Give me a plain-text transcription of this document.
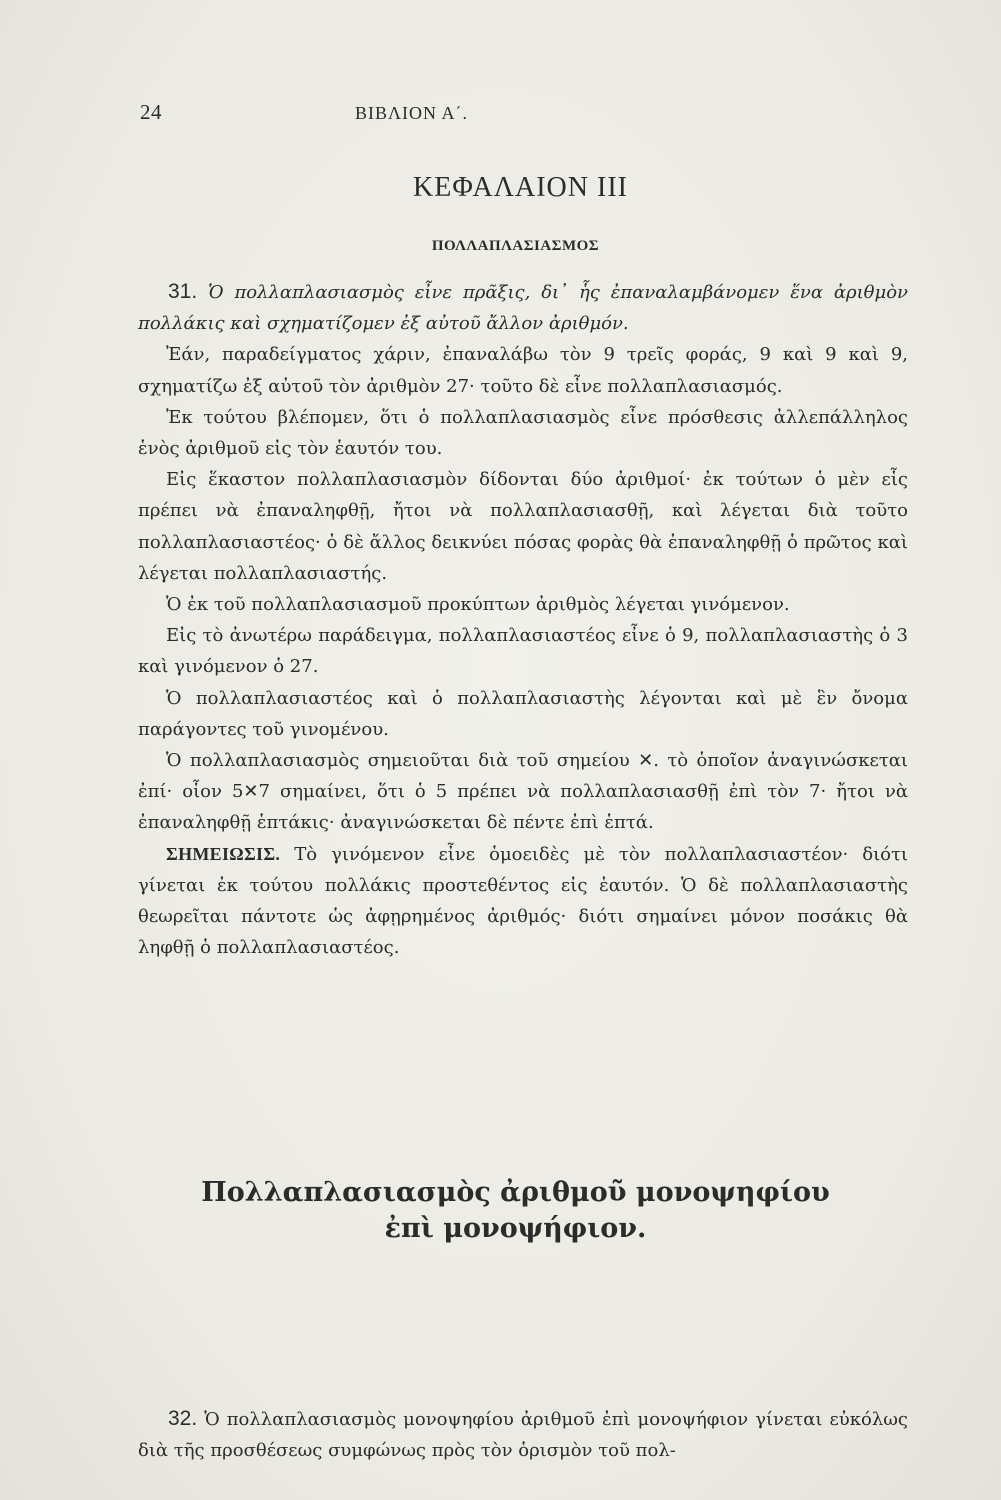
24	ΒΙΒΛΙΟΝ Α΄.
ΚΕΦΑΛΑΙΟΝ III
ΠΟΛΛΑΠΛΑΣΙΑΣΜΟΣ

31. Ὁ πολλαπλασιασμὸς εἶνε πρᾶξις, δι᾽ ἧς ἐπαναλαμβάνομεν ἕνα ἀριθμὸν πολλάκις καὶ σχηματίζομεν ἐξ αὐτοῦ ἄλλον ἀριθμόν.

Ἐάν, παραδείγματος χάριν, ἐπαναλάβω τὸν 9 τρεῖς φοράς, 9 καὶ 9 καὶ 9, σχηματίζω ἐξ αὐτοῦ τὸν ἀριθμὸν 27· τοῦτο δὲ εἶνε πολλαπλασιασμός.

Ἐκ τούτου βλέπομεν, ὅτι ὁ πολλαπλασιασμὸς εἶνε πρόσθεσις ἀλλεπάλληλος ἑνὸς ἀριθμοῦ εἰς τὸν ἑαυτόν του.

Εἰς ἕκαστον πολλαπλασιασμὸν δίδονται δύο ἀριθμοί· ἐκ τούτων ὁ μὲν εἷς πρέπει νὰ ἐπαναληφθῇ, ἤτοι νὰ πολλαπλασιασθῇ, καὶ λέγεται διὰ τοῦτο πολλαπλασιαστέος· ὁ δὲ ἄλλος δεικνύει πόσας φορὰς θὰ ἐπαναληφθῇ ὁ πρῶτος καὶ λέγεται πολλαπλασιαστής.

Ὁ ἐκ τοῦ πολλαπλασιασμοῦ προκύπτων ἀριθμὸς λέγεται γινόμενον.

Εἰς τὸ ἀνωτέρω παράδειγμα, πολλαπλασιαστέος εἶνε ὁ 9, πολλαπλασιαστὴς ὁ 3 καὶ γινόμενον ὁ 27.

Ὁ πολλαπλασιαστέος καὶ ὁ πολλαπλασιαστὴς λέγονται καὶ μὲ ἓν ὄνομα παράγοντες τοῦ γινομένου.

Ὁ πολλαπλασιασμὸς σημειοῦται διὰ τοῦ σημείου ✕. τὸ ὁποῖον ἀναγινώσκεται ἐπί· οἷον 5✕7 σημαίνει, ὅτι ὁ 5 πρέπει νὰ πολλαπλασιασθῇ ἐπὶ τὸν 7· ἤτοι νὰ ἐπαναληφθῇ ἑπτάκις· ἀναγινώσκεται δὲ πέντε ἐπὶ ἑπτά.

ΣΗΜΕΙΩΣΙΣ. Τὸ γινόμενον εἶνε ὁμοειδὲς μὲ τὸν πολλαπλασιαστέον· διότι γίνεται ἐκ τούτου πολλάκις προστεθέντος εἰς ἑαυτόν. Ὁ δὲ πολλαπλασιαστὴς θεωρεῖται πάντοτε ὡς ἀφῃρημένος ἀριθμός· διότι σημαίνει μόνον ποσάκις θὰ ληφθῇ ὁ πολλαπλασιαστέος.

Πολλαπλασιασμὸς ἀριθμοῦ μονοψηφίου
ἐπὶ μονοψήφιον.

32. Ὁ πολλαπλασιασμὸς μονοψηφίου ἀριθμοῦ ἐπὶ μονοψήφιον γίνεται εὐκόλως διὰ τῆς προσθέσεως συμφώνως πρὸς τὸν ὁρισμὸν τοῦ πολ-
